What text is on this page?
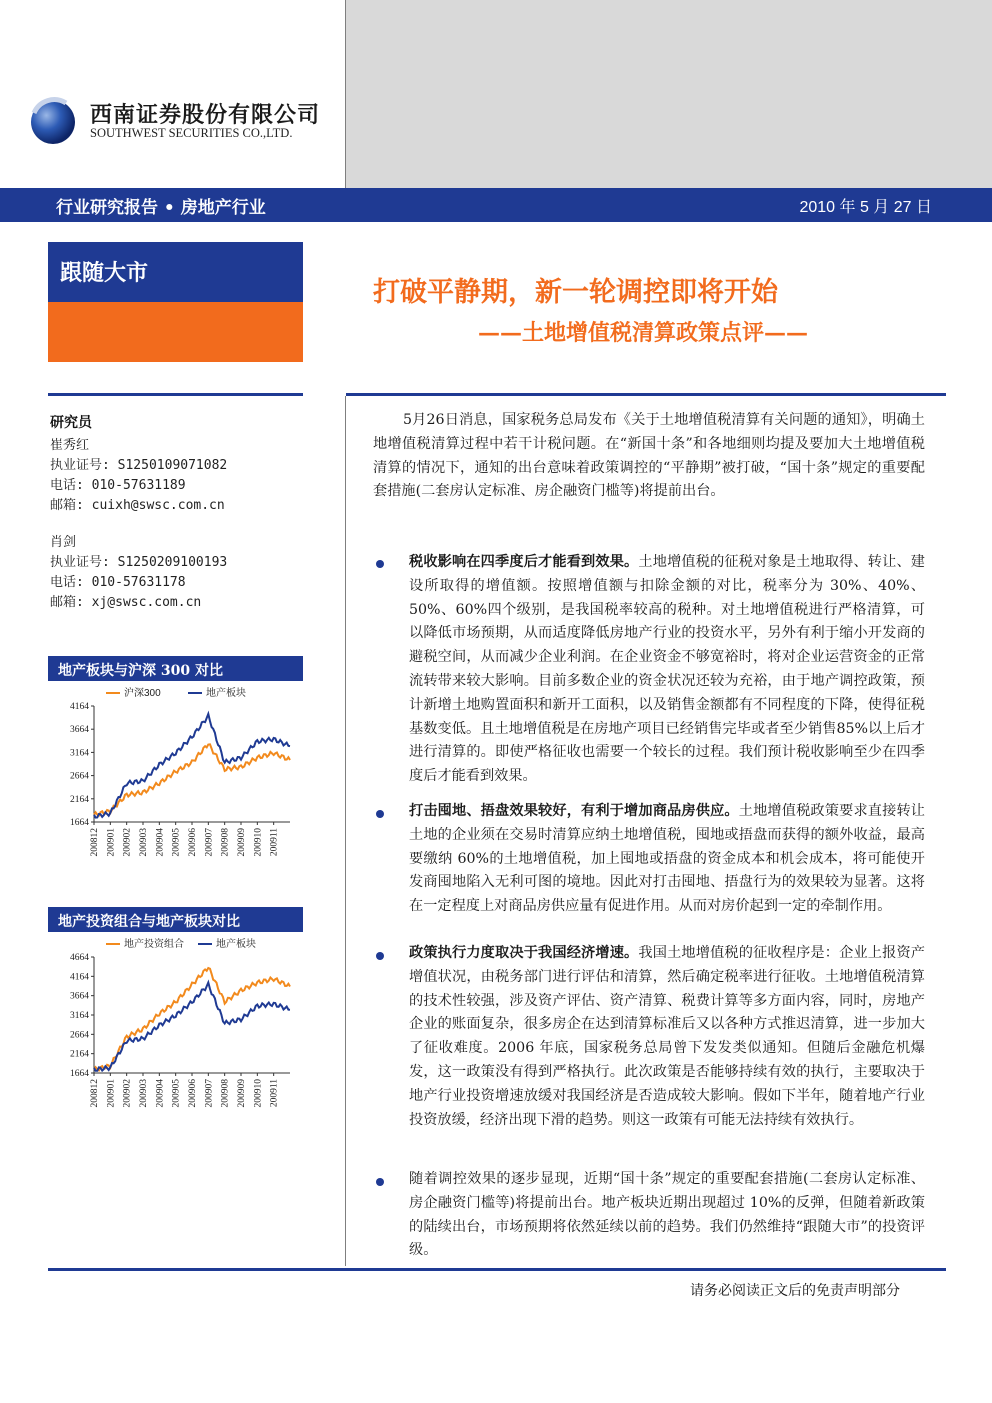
西南证券股份有限公司
SOUTHWEST SECURITIES CO.,LTD.
行业研究报告 • 房地产行业	2010 年 5 月 27 日
跟随大市
打破平静期，新一轮调控即将开始
——土地增值税清算政策点评——
研究员
崔秀红
执业证号: S1250109071082
电话: 010-57631189
邮箱: cuixh@swsc.com.cn
肖剑
执业证号: S1250209100193
电话: 010-57631178
邮箱: xj@swsc.com.cn
地产板块与沪深 300 对比
沪深300	地产板块
4164
3664
3164
2664
2164
1664
200812 200901 200902 200903 200904 200905 200906 200907 200908 200909 200910 200911
地产投资组合与地产板块对比
地产投资组合	地产板块
4664
4164
3664
3164
2664
2164
1664
200812 200901 200902 200903 200904 200905 200906 200907 200908 200909 200910 200911
5月26日消息，国家税务总局发布《关于土地增值税清算有关问题的通知》，明确土地增值税清算过程中若干计税问题。在“新国十条”和各地细则均提及要加大土地增值税清算的情况下，通知的出台意味着政策调控的“平静期”被打破，“国十条”规定的重要配套措施(二套房认定标准、房企融资门槛等)将提前出台。
税收影响在四季度后才能看到效果。土地增值税的征税对象是土地取得、转让、建设所取得的增值额。按照增值额与扣除金额的对比，税率分为 30%、40%、50%、60%四个级别，是我国税率较高的税种。对土地增值税进行严格清算，可以降低市场预期，从而适度降低房地产行业的投资水平，另外有利于缩小开发商的避税空间，从而减少企业利润。在企业资金不够宽裕时，将对企业运营资金的正常流转带来较大影响。目前多数企业的资金状况还较为充裕，由于地产调控政策，预计新增土地购置面积和新开工面积，以及销售金额都有不同程度的下降，使得征税基数变低。且土地增值税是在房地产项目已经销售完毕或者至少销售85%以上后才进行清算的。即使严格征收也需要一个较长的过程。我们预计税收影响至少在四季度后才能看到效果。
打击囤地、捂盘效果较好，有利于增加商品房供应。土地增值税政策要求直接转让土地的企业须在交易时清算应纳土地增值税，囤地或捂盘而获得的额外收益，最高要缴纳 60%的土地增值税，加上囤地或捂盘的资金成本和机会成本，将可能使开发商囤地陷入无利可图的境地。因此对打击囤地、捂盘行为的效果较为显著。这将在一定程度上对商品房供应量有促进作用。从而对房价起到一定的牵制作用。
政策执行力度取决于我国经济增速。我国土地增值税的征收程序是：企业上报资产增值状况，由税务部门进行评估和清算，然后确定税率进行征收。土地增值税清算的技术性较强，涉及资产评估、资产清算、税费计算等多方面内容，同时，房地产企业的账面复杂，很多房企在达到清算标准后又以各种方式推迟清算，进一步加大了征收难度。2006 年底，国家税务总局曾下发发类似通知。但随后金融危机爆发，这一政策没有得到严格执行。此次政策是否能够持续有效的执行，主要取决于地产行业投资增速放缓对我国经济是否造成较大影响。假如下半年，随着地产行业投资放缓，经济出现下滑的趋势。则这一政策有可能无法持续有效执行。
随着调控效果的逐步显现，近期“国十条”规定的重要配套措施(二套房认定标准、房企融资门槛等)将提前出台。地产板块近期出现超过 10%的反弹，但随着新政策的陆续出台，市场预期将依然延续以前的趋势。我们仍然维持“跟随大市”的投资评级。
请务必阅读正文后的免责声明部分
